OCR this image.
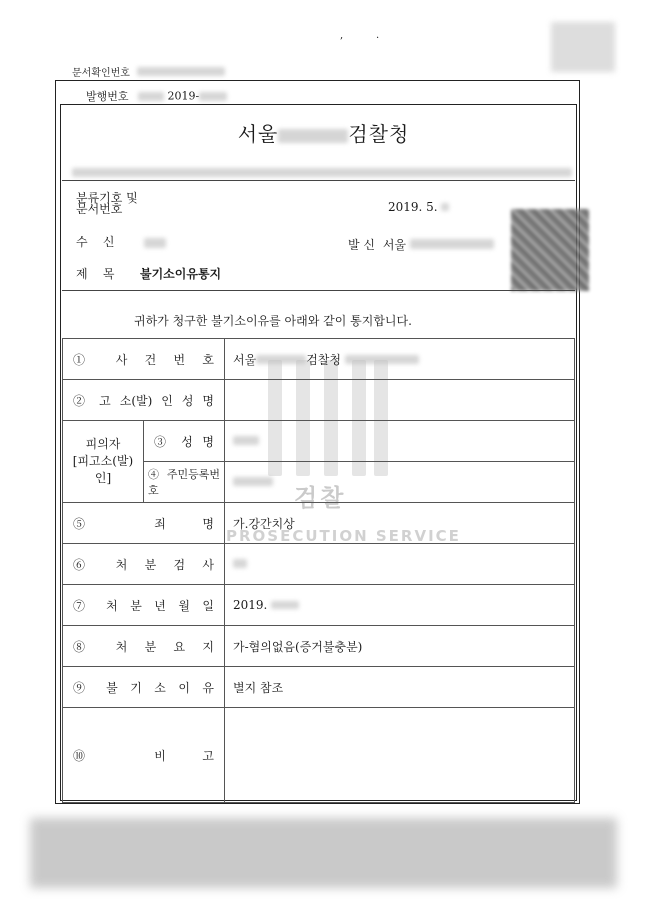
,	.
문서확인번호
발행번호	2019-
서울	검찰청
분류기호 및
문서번호	2019. 5.
수    신	발 신 서울
제    목 불기소이유통지
귀하가 청구한 불기소이유를 아래와 같이 통지합니다.
검찰
PROSECUTION SERVICE
① 사 건 번 호		서울 검찰청
② 고 소(발) 인 성 명		
피의자
[피고소(발)인]	③ 성 명	
	④주민등록번호	
⑤ 죄 명		가.강간치상
⑥ 처 분 검 사		
⑦ 처 분 년 월 일		2019.
⑧ 처 분 요 지		가-혐의없음(증거불충분)
⑨ 불 기 소 이 유		별지 참조
⑩ 비 고		
